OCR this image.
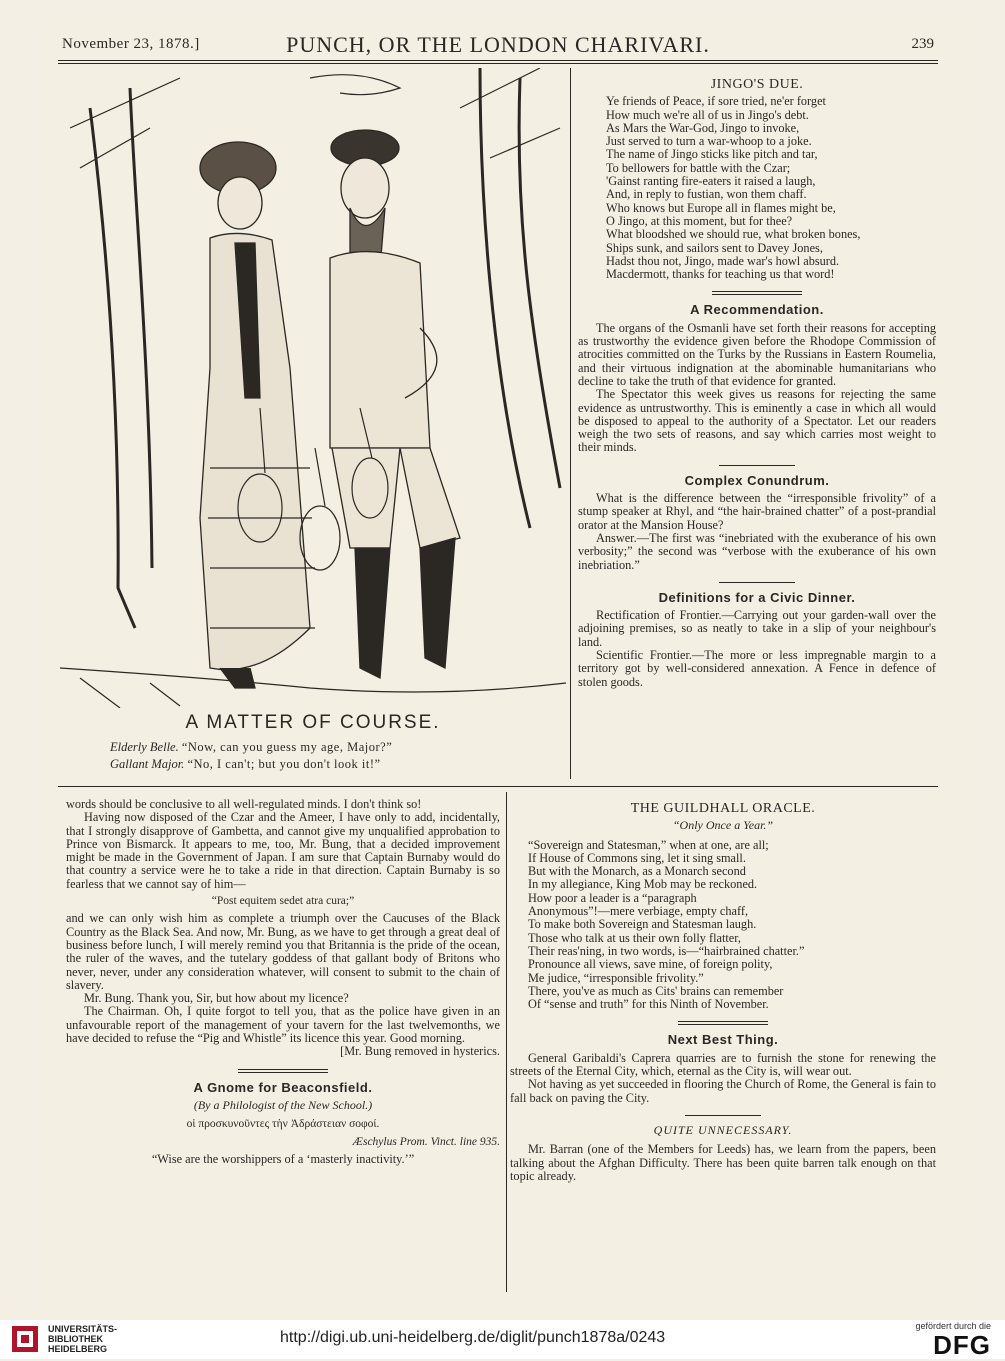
November 23, 1878.]	PUNCH, OR THE LONDON CHARIVARI.	239
A MATTER OF COURSE.
Elderly Belle. “Now, can you guess my age, Major?”
Gallant Major. “No, I can't; but you don't look it!”
JINGO'S DUE.
Ye friends of Peace, if sore tried, ne'er forget
How much we're all of us in Jingo's debt.
As Mars the War-God, Jingo to invoke,
Just served to turn a war-whoop to a joke.
The name of Jingo sticks like pitch and tar,
To bellowers for battle with the Czar;
'Gainst ranting fire-eaters it raised a laugh,
And, in reply to fustian, won them chaff.
Who knows but Europe all in flames might be,
O Jingo, at this moment, but for thee?
What bloodshed we should rue, what broken bones,
Ships sunk, and sailors sent to Davey Jones,
Hadst thou not, Jingo, made war's howl absurd.
Macdermott, thanks for teaching us that word!
A Recommendation.

The organs of the Osmanli have set forth their reasons for accepting as trustworthy the evidence given before the Rhodope Commission of atrocities committed on the Turks by the Russians in Eastern Roumelia, and their virtuous indignation at the abominable humanitarians who decline to take the truth of that evidence for granted.

The Spectator this week gives us reasons for rejecting the same evidence as untrustworthy. This is eminently a case in which all would be disposed to appeal to the authority of a Spectator. Let our readers weigh the two sets of reasons, and say which carries most weight to their minds.

Complex Conundrum.

What is the difference between the “irresponsible frivolity” of a stump speaker at Rhyl, and “the hair-brained chatter” of a post-prandial orator at the Mansion House?

Answer.—The first was “inebriated with the exuberance of his own verbosity;” the second was “verbose with the exuberance of his own inebriation.”

Definitions for a Civic Dinner.

Rectification of Frontier.—Carrying out your garden-wall over the adjoining premises, so as neatly to take in a slip of your neighbour's land.

Scientific Frontier.—The more or less impregnable margin to a territory got by well-considered annexation. A Fence in defence of stolen goods.

words should be conclusive to all well-regulated minds. I don't think so!

Having now disposed of the Czar and the Ameer, I have only to add, incidentally, that I strongly disapprove of Gambetta, and cannot give my unqualified approbation to Prince von Bismarck. It appears to me, too, Mr. Bung, that a decided improvement might be made in the Government of Japan. I am sure that Captain Burnaby would do that country a service were he to take a ride in that direction. Captain Burnaby is so fearless that we cannot say of him—

“Post equitem sedet atra cura;”

and we can only wish him as complete a triumph over the Caucuses of the Black Country as the Black Sea. And now, Mr. Bung, as we have to get through a great deal of business before lunch, I will merely remind you that Britannia is the pride of the ocean, the ruler of the waves, and the tutelary goddess of that gallant body of Britons who never, never, under any consideration whatever, will consent to submit to the chain of slavery.

Mr. Bung. Thank you, Sir, but how about my licence?

The Chairman. Oh, I quite forgot to tell you, that as the police have given in an unfavourable report of the management of your tavern for the last twelvemonths, we have decided to refuse the “Pig and Whistle” its licence this year. Good morning.

[Mr. Bung removed in hysterics.

A Gnome for Beaconsfield.
(By a Philologist of the New School.)
οἱ προσκυνοῦντες τὴν Ἀδράστειαν σοφοί.
Æschylus Prom. Vinct. line 935.
“Wise are the worshippers of a ‘masterly inactivity.’”
THE GUILDHALL ORACLE.
“Only Once a Year.”
“Sovereign and Statesman,” when at one, are all;
If House of Commons sing, let it sing small.
But with the Monarch, as a Monarch second
In my allegiance, King Mob may be reckoned.
How poor a leader is a “paragraph
Anonymous”!—mere verbiage, empty chaff,
To make both Sovereign and Statesman laugh.
Those who talk at us their own folly flatter,
Their reas'ning, in two words, is—“hairbrained chatter.”
Pronounce all views, save mine, of foreign polity,
Me judice, “irresponsible frivolity.”
There, you've as much as Cits' brains can remember
Of “sense and truth” for this Ninth of November.
Next Best Thing.

General Garibaldi's Caprera quarries are to furnish the stone for renewing the streets of the Eternal City, which, eternal as the City is, will wear out.

Not having as yet succeeded in flooring the Church of Rome, the General is fain to fall back on paving the City.

QUITE UNNECESSARY.

Mr. Barran (one of the Members for Leeds) has, we learn from the papers, been talking about the Afghan Difficulty. There has been quite barren talk enough on that topic already.

UNIVERSITÄTS-
BIBLIOTHEK
HEIDELBERG
http://digi.ub.uni-heidelberg.de/diglit/punch1878a/0243
gefördert durch die
DFG
